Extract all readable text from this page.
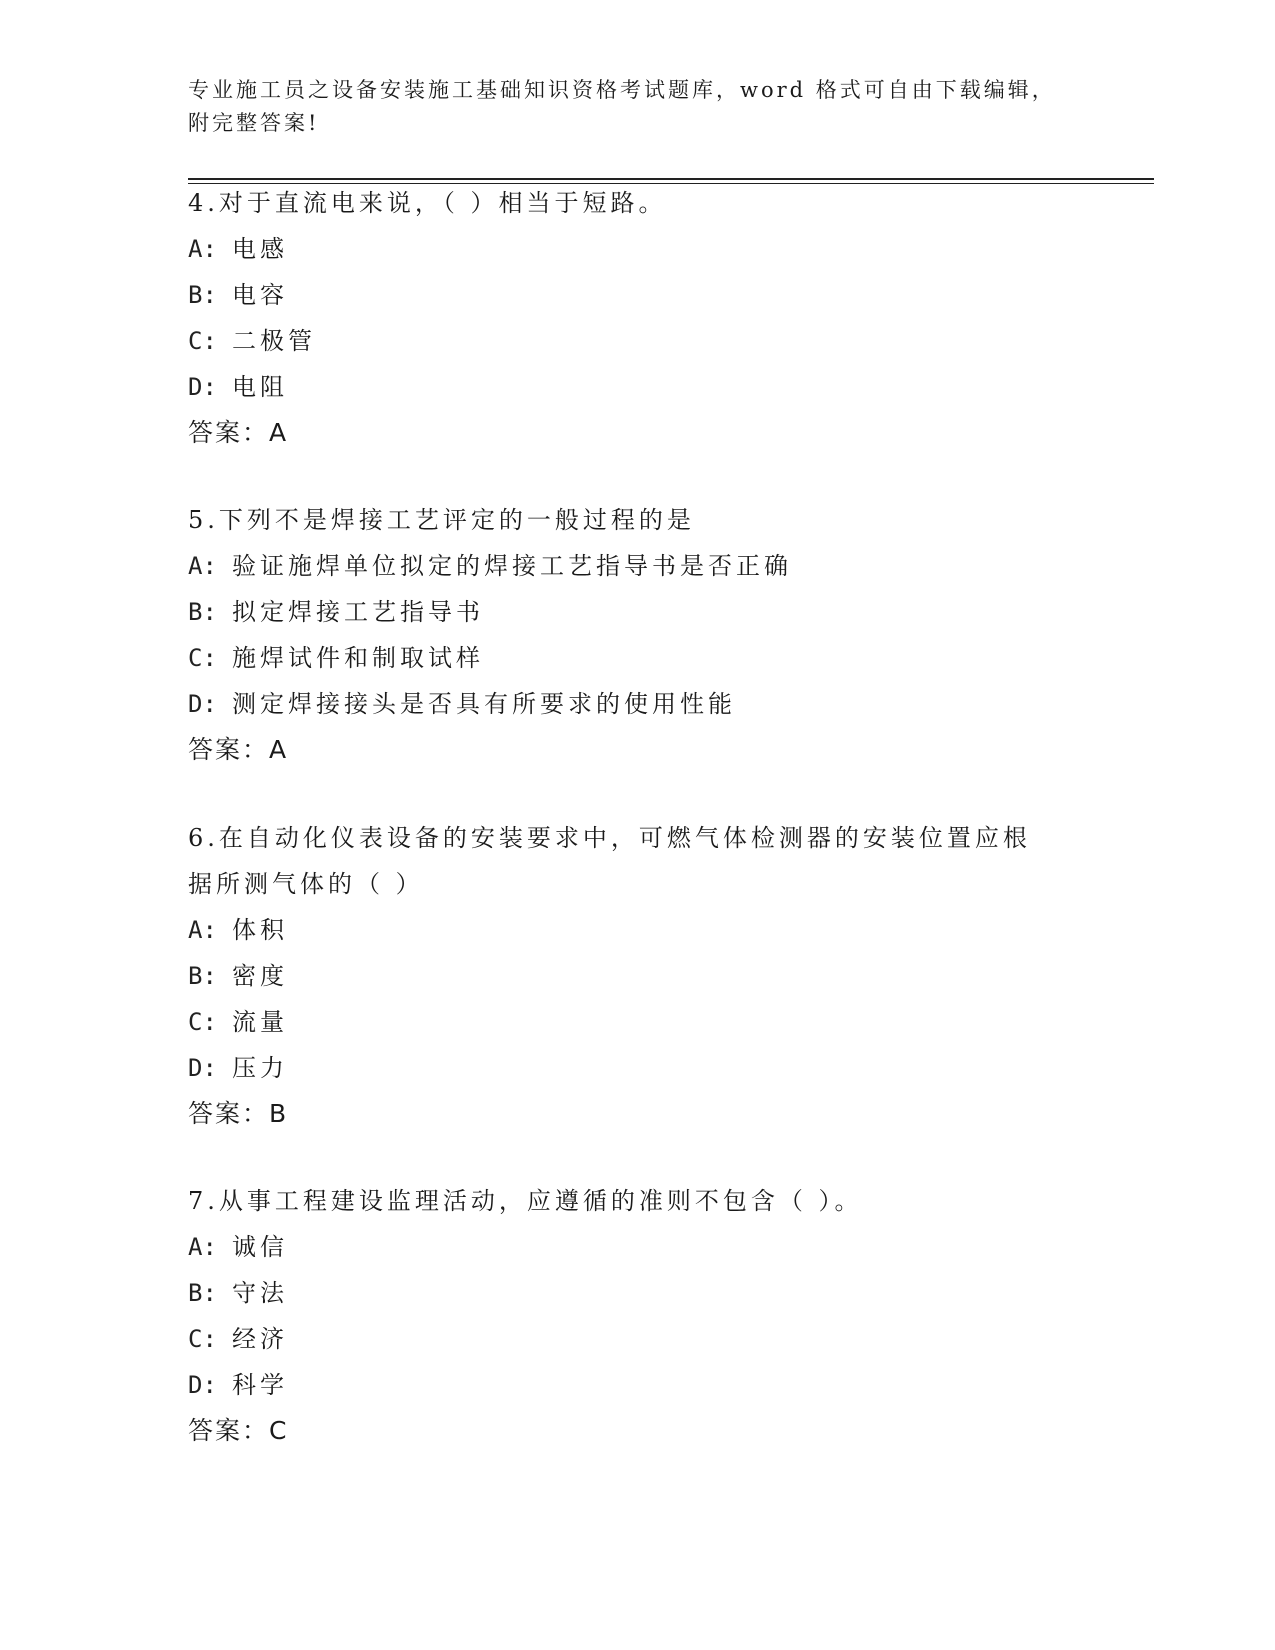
专业施工员之设备安装施工基础知识资格考试题库，word 格式可自由下载编辑，
附完整答案!
4.对于直流电来说，（ ）相当于短路。
A: 电感
B: 电容
C: 二极管
D: 电阻
答案：A
5.下列不是焊接工艺评定的一般过程的是
A: 验证施焊单位拟定的焊接工艺指导书是否正确
B: 拟定焊接工艺指导书
C: 施焊试件和制取试样
D: 测定焊接接头是否具有所要求的使用性能
答案：A
6.在自动化仪表设备的安装要求中，可燃气体检测器的安装位置应根
据所测气体的（ ）
A: 体积
B: 密度
C: 流量
D: 压力
答案：B
7.从事工程建设监理活动，应遵循的准则不包含（ ）。
A: 诚信
B: 守法
C: 经济
D: 科学
答案：C
